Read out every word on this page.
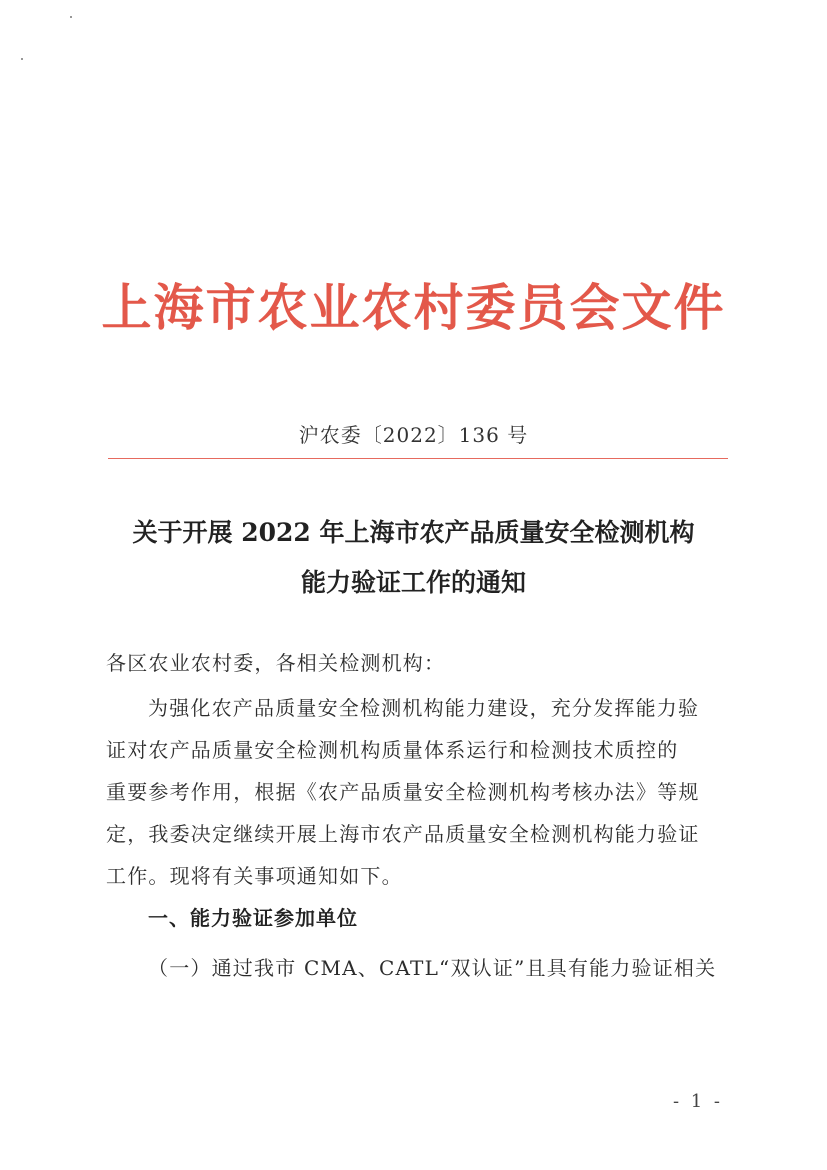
上海市农业农村委员会文件
沪农委〔2022〕136 号
关于开展 2022 年上海市农产品质量安全检测机构
能力验证工作的通知
各区农业农村委，各相关检测机构：
为强化农产品质量安全检测机构能力建设，充分发挥能力验
证对农产品质量安全检测机构质量体系运行和检测技术质控的
重要参考作用，根据《农产品质量安全检测机构考核办法》等规
定，我委决定继续开展上海市农产品质量安全检测机构能力验证
工作。现将有关事项通知如下。
一、能力验证参加单位
（一）通过我市 CMA、CATL“双认证”且具有能力验证相关
- 1 -
